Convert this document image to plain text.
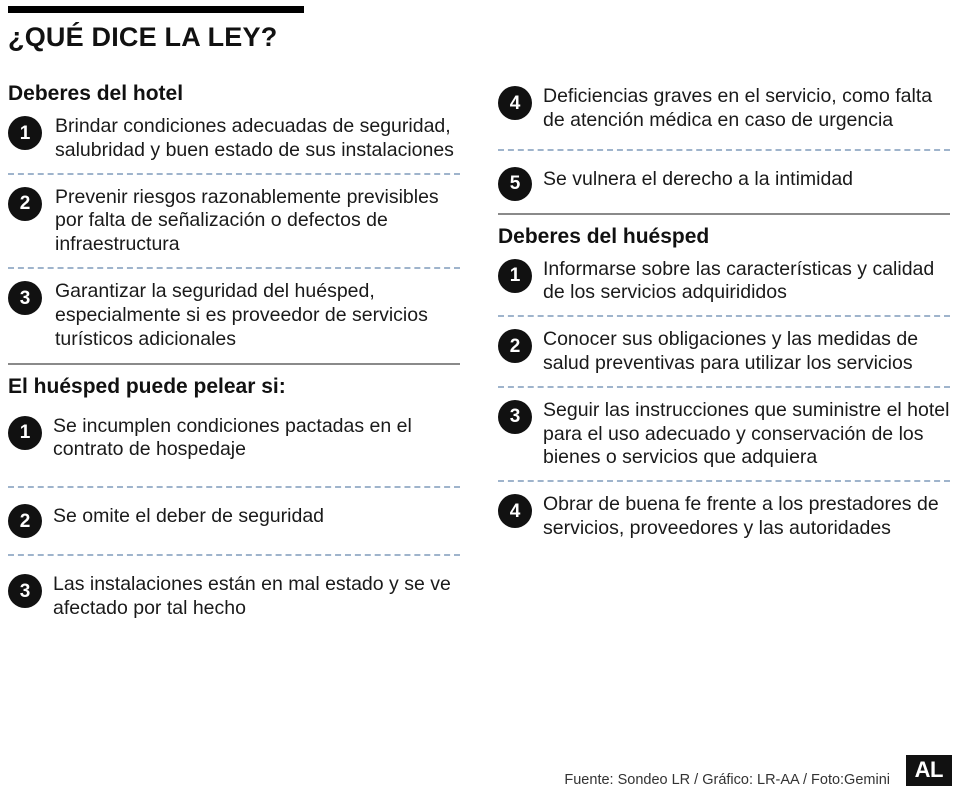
¿QUÉ DICE LA LEY?
Deberes del hotel
1	Brindar condiciones adecuadas de seguridad, salubridad y buen estado de sus instalaciones
2	Prevenir riesgos razonablemente previsibles por falta de señalización o defectos de infraestructura
3	Garantizar la seguridad del huésped, especialmente si es proveedor de servicios turísticos adicionales
El huésped puede pelear si:
1	Se incumplen condiciones pactadas en el contrato de hospedaje
2	Se omite el deber de seguridad
3	Las instalaciones están en mal estado y se ve afectado por tal hecho
4	Deficiencias graves en el servicio, como falta de atención médica en caso de urgencia
5	Se vulnera el derecho a la intimidad
Deberes del huésped
1	Informarse sobre las características y calidad de los servicios adquirididos
2	Conocer sus obligaciones y las medidas de salud preventivas para utilizar los servicios
3	Seguir las instrucciones que suministre el hotel para el uso adecuado y conservación de los bienes o servicios que adquiera
4	Obrar de buena fe frente a los prestadores de servicios, proveedores y las autoridades
Fuente: Sondeo LR / Gráfico: LR-AA / Foto:Gemini	AL
